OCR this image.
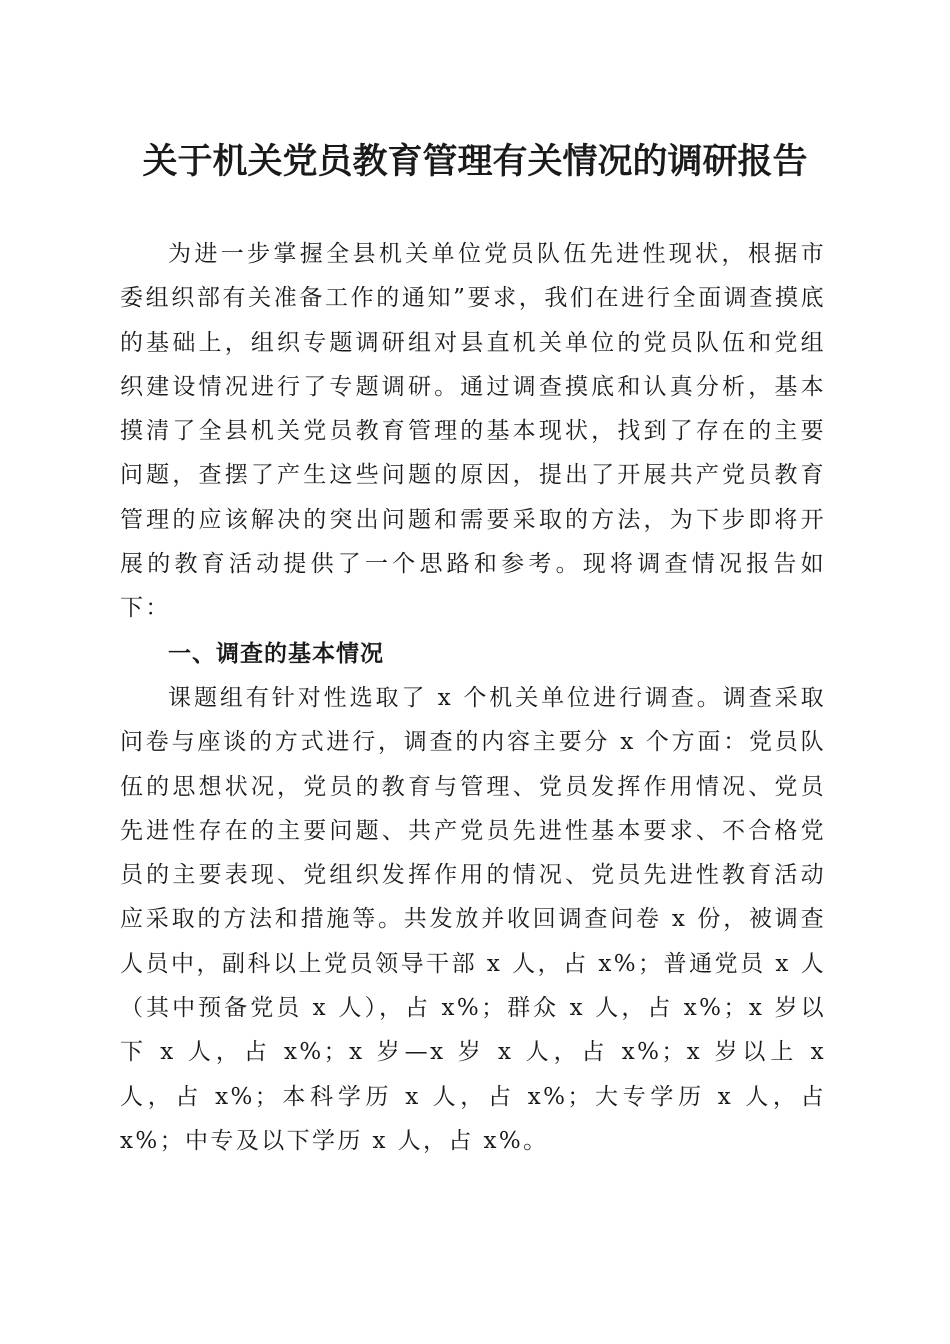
关于机关党员教育管理有关情况的调研报告

为进一步掌握全县机关单位党员队伍先进性现状，根据市委组织部有关准备工作的通知”要求，我们在进行全面调查摸底的基础上，组织专题调研组对县直机关单位的党员队伍和党组织建设情况进行了专题调研。通过调查摸底和认真分析，基本摸清了全县机关党员教育管理的基本现状，找到了存在的主要问题，查摆了产生这些问题的原因，提出了开展共产党员教育管理的应该解决的突出问题和需要采取的方法，为下步即将开展的教育活动提供了一个思路和参考。现将调查情况报告如下：

一、调查的基本情况

课题组有针对性选取了 x 个机关单位进行调查。调查采取问卷与座谈的方式进行，调查的内容主要分 x 个方面：党员队伍的思想状况，党员的教育与管理、党员发挥作用情况、党员先进性存在的主要问题、共产党员先进性基本要求、不合格党员的主要表现、党组织发挥作用的情况、党员先进性教育活动应采取的方法和措施等。共发放并收回调查问卷 x 份，被调查人员中，副科以上党员领导干部 x 人，占 x%；普通党员 x 人（其中预备党员 x 人），占 x%；群众 x 人，占 x%；x 岁以下 x 人，占 x%；x 岁—x 岁 x 人，占 x%；x 岁以上 x 人，占 x%；本科学历 x 人，占 x%；大专学历 x 人，占 x%；中专及以下学历 x 人，占 x%。
